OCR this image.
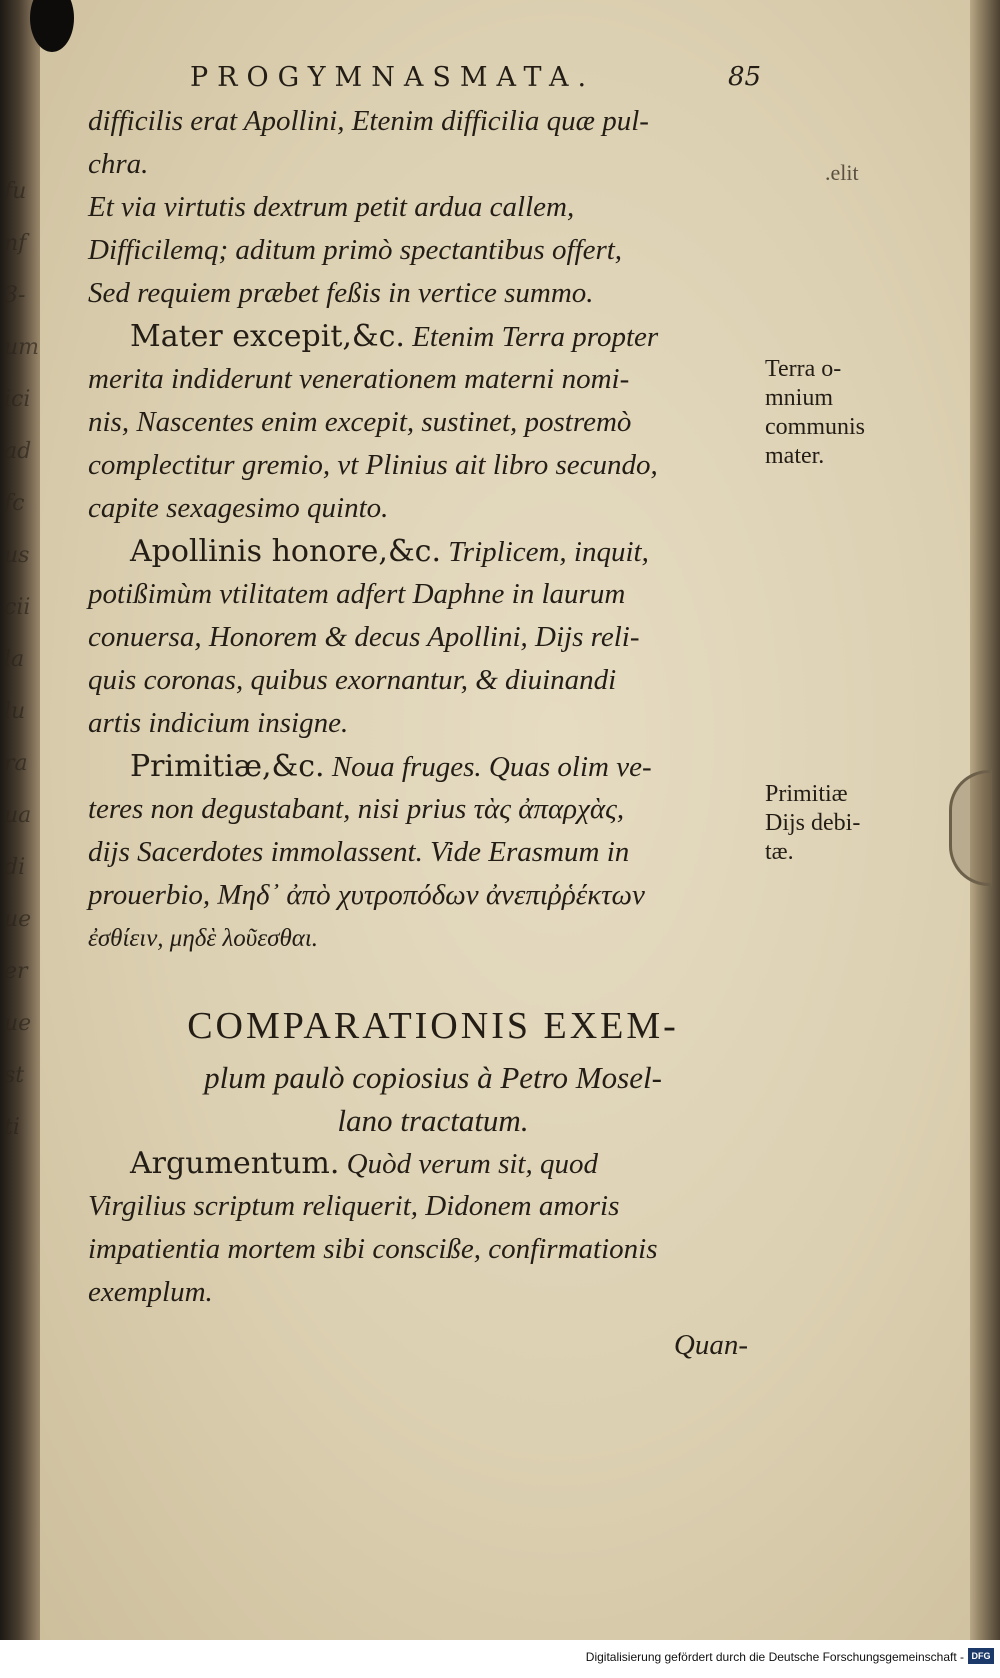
fu
nf
3-
um
ici
ad
fc
us
cii
la
lu
ra
ua
di
ue
er
ue
st
ti
PROGYMNASMATA.	85
.elit
difficilis erat Apollini, Etenim difficilia quæ pul-
chra.
Et via virtutis dextrum petit ardua callem,
Difficilemq; aditum primò spectantibus offert,
Sed requiem præbet feßis in vertice summo.
Mater excepit,&c. Etenim Terra propter
merita indiderunt venerationem materni nomi-
nis, Nascentes enim excepit, sustinet, postremò
complectitur gremio, vt Plinius ait libro secundo,
capite sexagesimo quinto.
Apollinis honore,&c. Triplicem, inquit,
potißimùm vtilitatem adfert Daphne in laurum
conuersa, Honorem & decus Apollini, Dijs reli-
quis coronas, quibus exornantur, & diuinandi
artis indicium insigne.
Primitiæ,&c. Noua fruges. Quas olim ve-
teres non degustabant, nisi prius τὰς ἀπαρχὰς,
dijs Sacerdotes immolassent. Vide Erasmum in
prouerbio, Μηδ᾽ ἀπὸ χυτροπόδων ἀνεπιῤῥέκτων
ἐσθίειν, μηδὲ λοῦεσθαι.
COMPARATIONIS EXEM-
plum paulò copiosius à Petro Mosel-
lano tractatum.
Argumentum. Quòd verum sit, quod
Virgilius scriptum reliquerit, Didonem amoris
impatientia mortem sibi consciße, confirmationis
exemplum.
Quan-
Terra o-
mnium
communis
mater.
Primitiæ
Dijs debi-
tæ.
Digitalisierung gefördert durch die Deutsche Forschungsgemeinschaft - DFG
